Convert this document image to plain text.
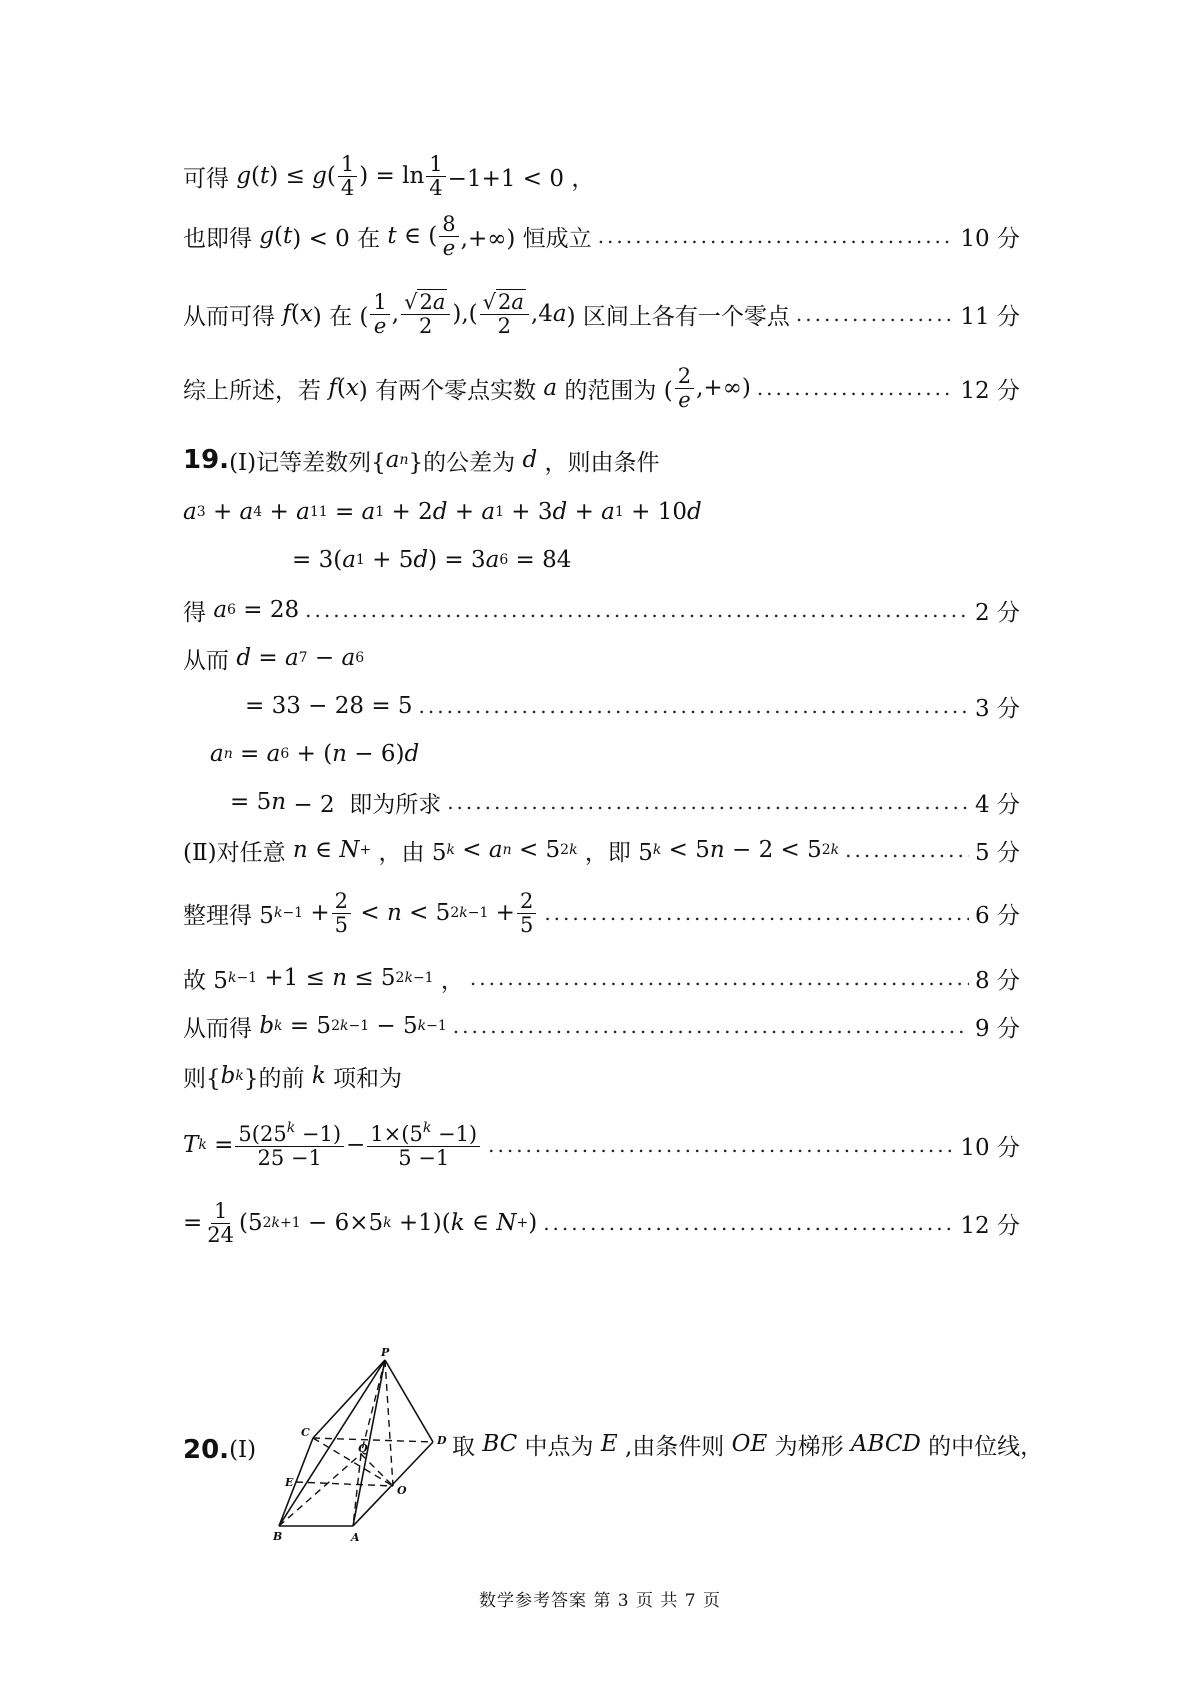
可得 g ( t ) ≤ g ( $\frac{1}{4}$ ) = $\ln \frac{1}{4} -1+1 < 0$ ，
也即得 g ( t ) < 0 在 t ∈ ( $\frac{8}{e}$ ,+∞) 恒成立 .....	10 分
从而可得 f ( x ) 在 ( $\frac{1}{e}$ , $\frac{√2a}{2}$ ),( $\frac{√2a}{2} ,4$ a ) 区间上各有一个零点 .....	11 分
综上所述，若 f ( x ) 有两个零点实数 a 的范围为 ( $\frac{2}{e}$ ,+∞) .....	12 分
19. (Ⅰ)记等差数列{ a n }的公差为 d ，则由条件
a 3 + a 4 + a 11 = a 1 + 2 d + a 1 + 3 d + a 1 + 10 d
= 3( a 1 + 5 d ) = 3 a 6 = 84
得 a 6 = 28 .....	2 分
从而 d = a 7 − a 6
= 33 − 28 = 5 .....	3 分
a n = a 6 + ( n − 6) d
= 5 n − 2  即为所求 .....	4 分
(Ⅱ)对任意 n ∈ N + ，由 5 k < a n < 5 2k ，即 5 k < 5 n − 2 < 5 2k .....	5 分
整理得 5 $k-1 + \frac{2}{5} < n < 5$ $2k-1 + \frac{2}{5}$ .....	6 分
故 5 k−1 +1 ≤ n ≤ 5 2k−1 ， .....	8 分
从而得 b k = 5 2k−1 − 5 k−1 .....	9 分
则{ b k }的前 k 项和为
T $k = \frac{5(25^k -1)}{25 -1} - \frac{1\times(5^k -1)}{5 -1}$ .....	10 分
= $\frac{1}{24} (5$ 2k+1 − 6×5 k +1)( k ∈ N + ) .....	12 分
20. (Ⅰ)	取 BC 中点为 E ,由条件则 OE 为梯形 ABCD 的中位线，
P
C
D
Q
E
O
B	A
数学参考答案 第 3 页 共 7 页
